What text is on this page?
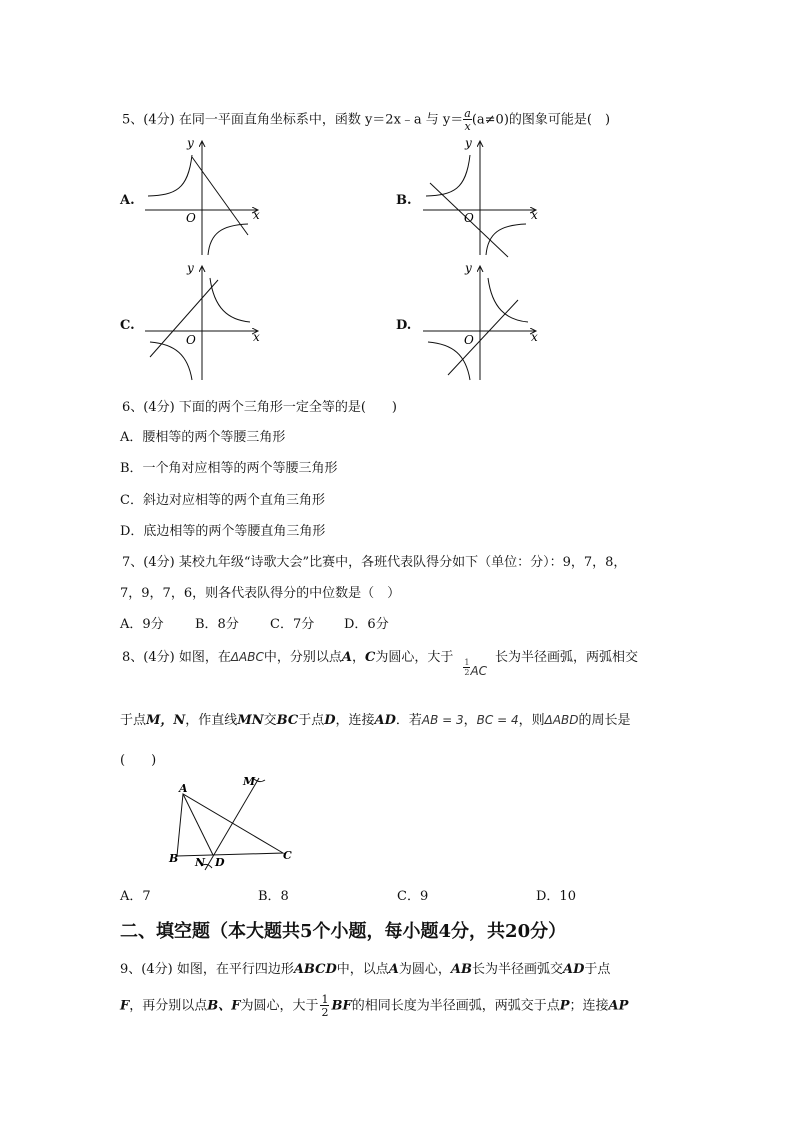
5、(4分) 在同一平面直角坐标系中，函数 y＝2x﹣a 与 $y= \frac{a}{x} (a\ne 0)$的图象可能是(　)
A.	B.
C.	D.
y
x
O
y
x
O
y
x
O
y
x
O
6、(4分) 下面的两个三角形一定全等的是(　　)
A．腰相等的两个等腰三角形
B．一个角对应相等的两个等腰三角形
C．斜边对应相等的两个直角三角形
D．底边相等的两个等腰直角三角形
7、(4分) 某校九年级“诗歌大会”比赛中，各班代表队得分如下（单位：分）：9，7，8，
7，9，7，6，则各代表队得分的中位数是（　）
A．9分 B．8分 C．7分 D．6分
8、(4分) 如图，在ΔABC中，分别以点A，C为圆心，大于
$\frac{1}{2}$ AC长为半径画弧，两弧相交
于点M，N，作直线MN交BC于点D，连接AD．若AB = 3，BC = 4，则ΔABD的周长是
(　　)
A
B	C
D
M
N
A．7	B．8	C．9	D．10
二、填空题（本大题共5个小题，每小题4分，共20分）
9、(4分) 如图，在平行四边形ABCD中，以点A为圆心，AB长为半径画弧交AD于点
F，再分别以点B、F为圆心，大于 $\frac{1}{2}$ BF的相同长度为半径画弧，两弧交于点P；连接AP
